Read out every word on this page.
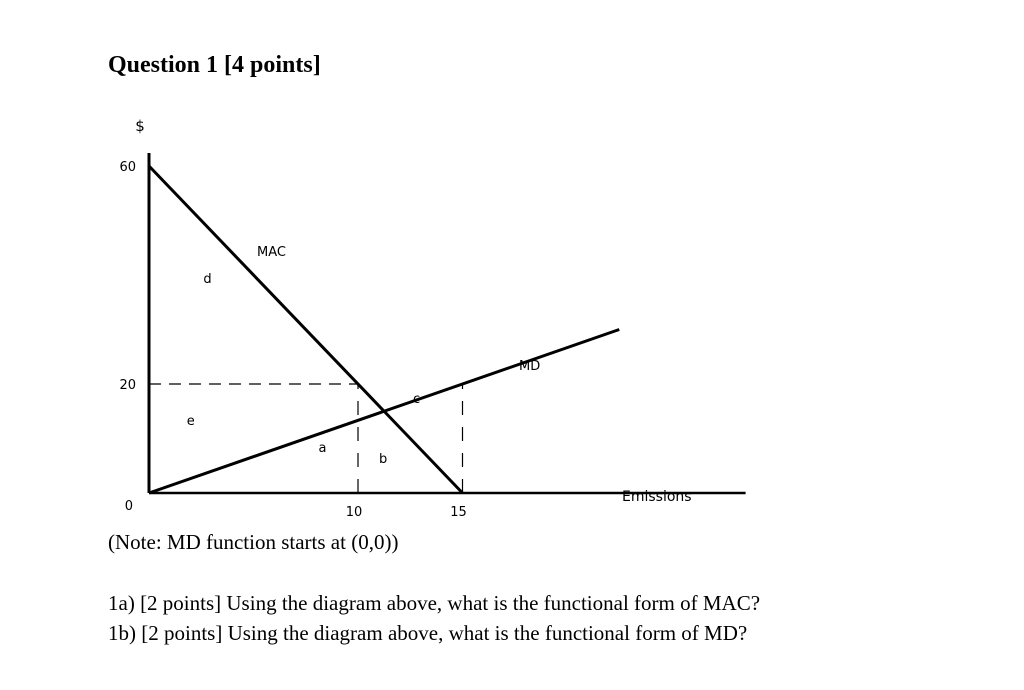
Question 1 [4 points]
$
Emissions
0
20
60
10	15
MAC
MD
a
b
c
d
e
(Note: MD function starts at (0,0))
1a) [2 points] Using the diagram above, what is the functional form of MAC?
1b) [2 points] Using the diagram above, what is the functional form of MD?
